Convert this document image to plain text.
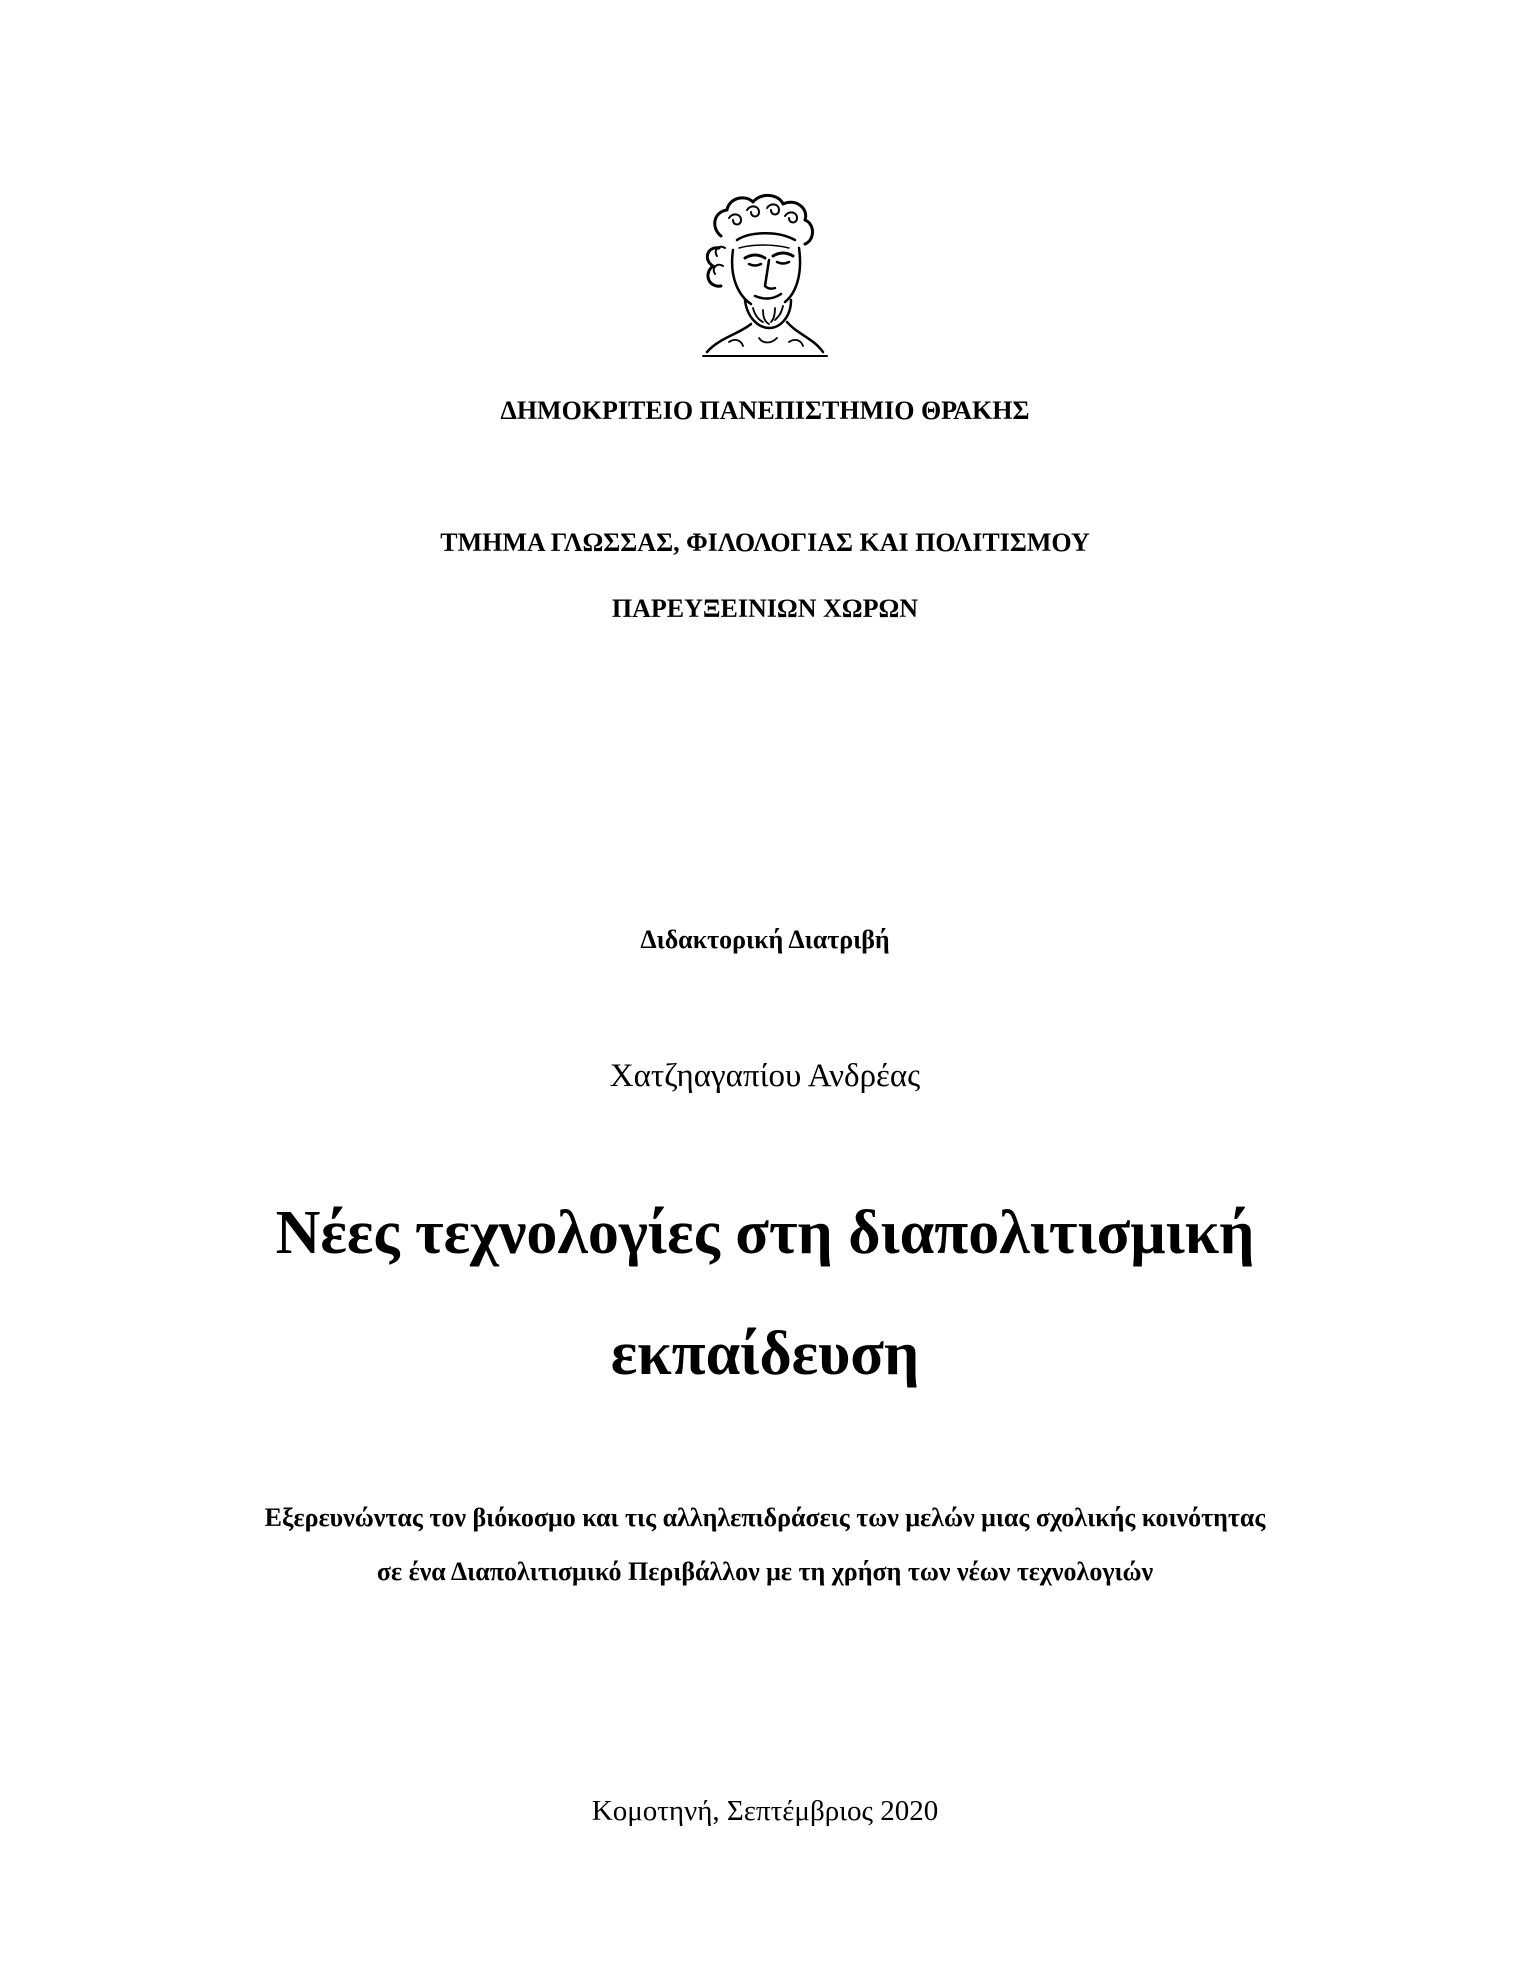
ΔΗΜΟΚΡΙΤΕΙΟ ΠΑΝΕΠΙΣΤΗΜΙΟ ΘΡΑΚΗΣ
ΤΜΗΜΑ ΓΛΩΣΣΑΣ, ΦΙΛΟΛΟΓΙΑΣ ΚΑΙ ΠΟΛΙΤΙΣΜΟΥ
ΠΑΡΕΥΞΕΙΝΙΩΝ ΧΩΡΩΝ
Διδακτορική Διατριβή
Χατζηαγαπίου Ανδρέας
Νέες τεχνολογίες στη διαπολιτισμική
εκπαίδευση
Εξερευνώντας τον βιόκοσμο και τις αλληλεπιδράσεις των μελών μιας σχολικής κοινότητας
σε ένα Διαπολιτισμικό Περιβάλλον με τη χρήση των νέων τεχνολογιών
Κομοτηνή, Σεπτέμβριος 2020
